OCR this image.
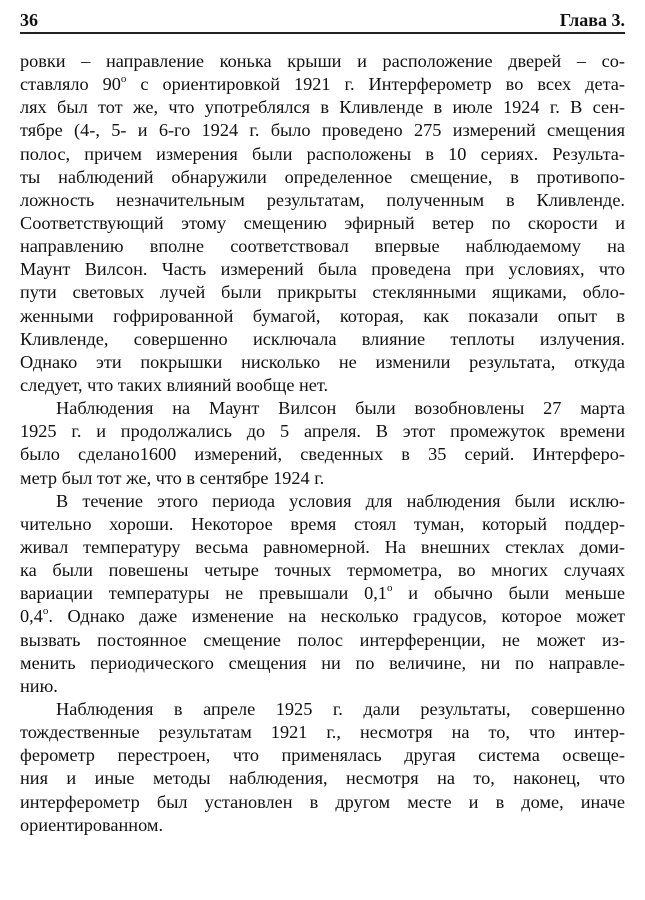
36	Глава 3.
ровки – направление конька крыши и расположение дверей – со-
ставляло 90$^o$ с ориентировкой 1921 г. Интерферометр во всех дета-
лях был тот же, что употреблялся в Кливленде в июле 1924 г. В сен-
тябре (4-, 5- и 6-го 1924 г. было проведено 275 измерений смещения
полос, причем измерения были расположены в 10 сериях. Результа-
ты наблюдений обнаружили определенное смещение, в противопо-
ложность незначительным результатам, полученным в Кливленде.
Соответствующий этому смещению эфирный ветер по скорости и
направлению вполне соответствовал впервые наблюдаемому на
Маунт Вилсон. Часть измерений была проведена при условиях, что
пути световых лучей были прикрыты стеклянными ящиками, обло-
женными гофрированной бумагой, которая, как показали опыт в
Кливленде, совершенно исключала влияние теплоты излучения.
Однако эти покрышки нисколько не изменили результата, откуда
следует, что таких влияний вообще нет.
Наблюдения на Маунт Вилсон были возобновлены 27 марта
1925 г. и продолжались до 5 апреля. В этот промежуток времени
было сделано1600 измерений, сведенных в 35 серий. Интерферо-
метр был тот же, что в сентябре 1924 г.
В течение этого периода условия для наблюдения были исклю-
чительно хороши. Некоторое время стоял туман, который поддер-
живал температуру весьма равномерной. На внешних стеклах доми-
ка были повешены четыре точных термометра, во многих случаях
вариации температуры не превышали 0,1$^o$ и обычно были меньше
0,4$^o$. Однако даже изменение на несколько градусов, которое может
вызвать постоянное смещение полос интерференции, не может из-
менить периодического смещения ни по величине, ни по направле-
нию.
Наблюдения в апреле 1925 г. дали результаты, совершенно
тождественные результатам 1921 г., несмотря на то, что интер-
ферометр перестроен, что применялась другая система освеще-
ния и иные методы наблюдения, несмотря на то, наконец, что
интерферометр был установлен в другом месте и в доме, иначе
ориентированном.
